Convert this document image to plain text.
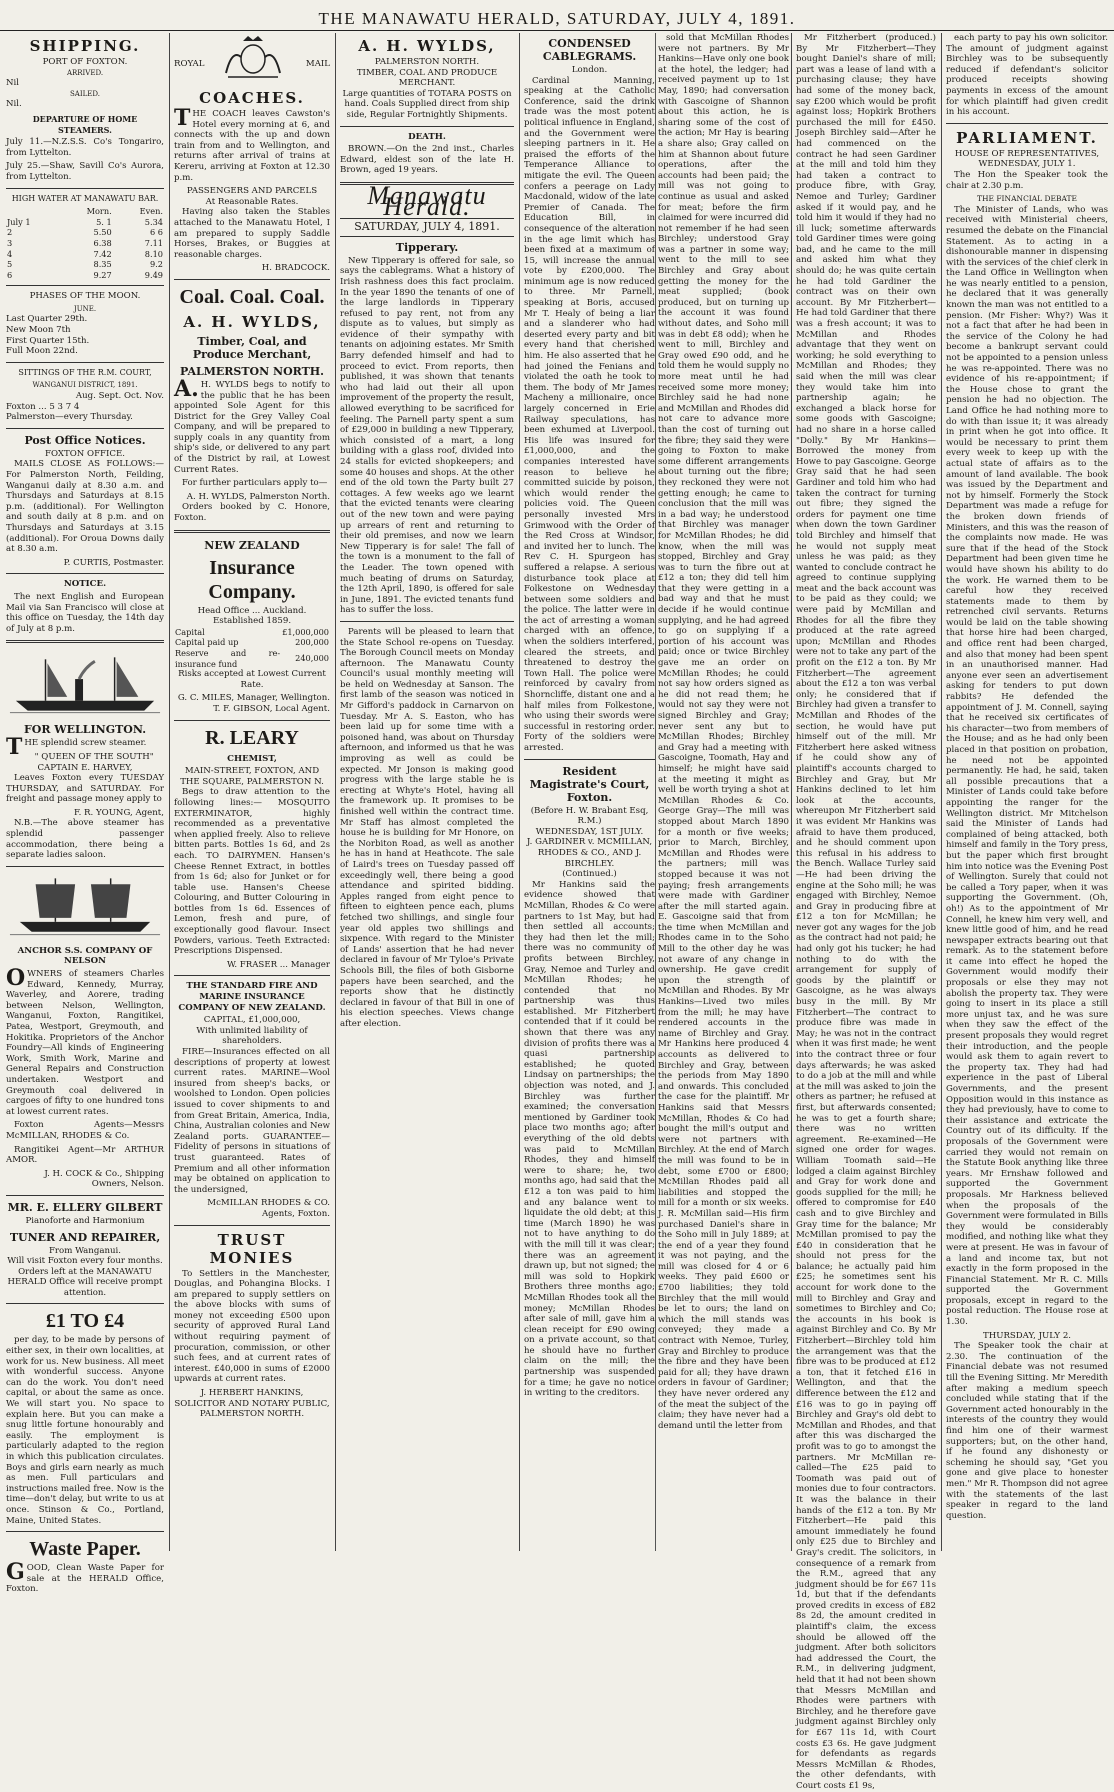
THE MANAWATU HERALD, SATURDAY, JULY 4, 1891.
SHIPPING.
PORT OF FOXTON.
ARRIVED.
Nil
SAILED.
Nil.
DEPARTURE OF HOME STEAMERS.

July 11.—N.Z.S.S. Co's Tongariro, from Lyttelton.

July 25.—Shaw, Savill Co's Aurora, from Lyttelton.

HIGH WATER AT MANAWATU BAR.
	Morn.	Even.
July 1	5. 1	5.34
2	5.50	6 6
3	6.38	7.11
4	7.42	8.10
5	8.35	9.2
6	9.27	9.49
PHASES OF THE MOON.
JUNE.
Last Quarter 29th.
New Moon 7th
First Quarter 15th.
Full Moon 22nd.
SITTINGS OF THE R.M. COURT,
WANGANUI DISTRICT, 1891.
Aug. Sept. Oct. Nov.
Foxton ... 5 3 7 4
Palmerston—every Thursday.
Post Office Notices.
FOXTON OFFICE.

MAILS CLOSE AS FOLLOWS:— For Palmerston North, Feilding, Wanganui daily at 8.30 a.m. and Thursdays and Saturdays at 8.15 p.m. (additional). For Wellington and south daily at 8 p.m. and on Thursdays and Saturdays at 3.15 (additional). For Oroua Downs daily at 8.30 a.m.

P. CURTIS, Postmaster.
NOTICE.

The next English and European Mail via San Francisco will close at this office on Tuesday, the 14th day of July at 8 p.m.

FOR WELLINGTON.

THE splendid screw steamer.

" QUEEN OF THE SOUTH"
CAPTAIN E. HARVEY,

Leaves Foxton every TUESDAY THURSDAY, and SATURDAY. For freight and passage money apply to

F. R. YOUNG, Agent,

N.B.—The above steamer has splendid passenger accommodation, there being a separate ladies saloon.

ANCHOR S.S. COMPANY OF NELSON

OWNERS of steamers Charles Edward, Kennedy, Murray, Waverley, and Aorere, trading between Nelson, Wellington, Wanganui, Foxton, Rangitikei, Patea, Westport, Greymouth, and Hokitika. Proprietors of the Anchor Foundry—All kinds of Engineering Work, Smith Work, Marine and General Repairs and Construction undertaken. Westport and Greymouth coal delivered in cargoes of fifty to one hundred tons at lowest current rates.

Foxton Agents—Messrs McMILLAN, RHODES & Co.

Rangitikei Agent—Mr ARTHUR AMOR.

J. H. COCK & Co., Shipping Owners, Nelson.
MR. E. ELLERY GILBERT
Pianoforte and Harmonium
TUNER AND REPAIRER,
From Wanganui.
Will visit Foxton every four months.

Orders left at the MANAWATU HERALD Office will receive prompt attention.

£1 TO £4

per day, to be made by persons of either sex, in their own localities, at work for us. New business. All meet with wonderful success. Anyone can do the work. You don't need capital, or about the same as once. We will start you. No space to explain here. But you can make a snug little fortune honourably and easily. The employment is particularly adapted to the region in which this publication circulates. Boys and girls earn nearly as much as men. Full particulars and instructions mailed free. Now is the time—don't delay, but write to us at once. Stinson & Co., Portland, Maine, United States.

Waste Paper.

GOOD, Clean Waste Paper for sale at the HERALD Office, Foxton.

ROYAL	MAIL
COACHES.

THE COACH leaves Cawston's Hotel every morning at 6, and connects with the up and down train from and to Wellington, and returns after arrival of trains at Kereru, arriving at Foxton at 12.30 p.m.

PASSENGERS AND PARCELS
At Reasonable Rates.

Having also taken the Stables attached to the Manawatu Hotel, I am prepared to supply Saddle Horses, Brakes, or Buggies at reasonable charges.

H. BRADCOCK.
Coal. Coal. Coal.
A. H. WYLDS,
Timber, Coal, and Produce Merchant,
PALMERSTON NORTH.

A.H. WYLDS begs to notify to the public that he has been appointed Sole Agent for this District for the Grey Valley Coal Company, and will be prepared to supply coals in any quantity from ship's side, or delivered to any part of the District by rail, at Lowest Current Rates.

For further particulars apply to—

A. H. WYLDS, Palmerston North.

Orders booked by C. Honore, Foxton.

NEW ZEALAND
Insurance Company.
Head Office ... Auckland.
Established 1859.
Capital	£1,000,000
Capital paid up	200,000
Reserve and re-insurance fund	240,000

Risks accepted at Lowest Current Rate.

G. C. MILES, Manager, Wellington.
T. F. GIBSON, Local Agent.
R. LEARY
CHEMIST,
MAIN-STREET, FOXTON, AND THE SQUARE, PALMERSTON N.

Begs to draw attention to the following lines:— MOSQUITO EXTERMINATOR, highly recommended as a preventative when applied freely. Also to relieve bitten parts. Bottles 1s 6d, and 2s each. TO DAIRYMEN. Hansen's Cheese Rennet Extract, in bottles from 1s 6d; also for Junket or for table use. Hansen's Cheese Colouring, and Butter Colouring in bottles from 1s 6d. Essences of Lemon, fresh and pure, of exceptionally good flavour. Insect Powders, various. Teeth Extracted: Prescriptions Dispensed.

W. FRASER ... Manager
THE STANDARD FIRE AND MARINE INSURANCE COMPANY OF NEW ZEALAND.
CAPITAL, £1,000,000,
With unlimited liability of shareholders.

FIRE—Insurances effected on all descriptions of property at lowest current rates. MARINE—Wool insured from sheep's backs, or woolshed to London. Open policies issued to cover shipments to and from Great Britain, America, India, China, Australian colonies and New Zealand ports. GUARANTEE—Fidelity of persons in situations of trust guaranteed. Rates of Premium and all other information may be obtained on application to the undersigned,

McMILLAN RHODES & CO. Agents, Foxton.
TRUST MONIES

To Settlers in the Manchester, Douglas, and Pohangina Blocks. I am prepared to supply settlers on the above blocks with sums of money not exceeding £500 upon security of approved Rural Land without requiring payment of procuration, commission, or other such fees, and at current rates of interest. £40,000 in sums of £2000 upwards at current rates.

J. HERBERT HANKINS, SOLICITOR AND NOTARY PUBLIC, PALMERSTON NORTH.
A. H. WYLDS,
PALMERSTON NORTH.
TIMBER, COAL AND PRODUCE MERCHANT.

Large quantities of TOTARA POSTS on hand. Coals Supplied direct from ship side, Regular Fortnightly Shipments.

DEATH.

BROWN.—On the 2nd inst., Charles Edward, eldest son of the late H. Brown, aged 19 years.

Manawatu Herald.
SATURDAY, JULY 4, 1891.
Tipperary.

New Tipperary is offered for sale, so says the cablegrams. What a history of Irish rashness does this fact proclaim. In the year 1890 the tenants of one of the large landlords in Tipperary refused to pay rent, not from any dispute as to values, but simply as evidence of their sympathy with tenants on adjoining estates. Mr Smith Barry defended himself and had to proceed to evict. From reports, then published, it was shown that tenants who had laid out their all upon improvement of the property the result, allowed everything to be sacrificed for feeling. The Parnell party spent a sum of £29,000 in building a new Tipperary, which consisted of a mart, a long building with a glass roof, divided into 24 stalls for evicted shopkeepers; and some 40 houses and shops. At the other end of the old town the Party built 27 cottages. A few weeks ago we learnt that the evicted tenants were clearing out of the new town and were paying up arrears of rent and returning to their old premises, and now we learn New Tipperary is for sale! The fall of the town is a monument to the fall of the Leader. The town opened with much beating of drums on Saturday, the 12th April, 1890, is offered for sale in June, 1891. The evicted tenants fund has to suffer the loss.

Parents will be pleased to learn that the State School re-opens on Tuesday. The Borough Council meets on Monday afternoon. The Manawatu County Council's usual monthly meeting will be held on Wednesday at Sanson. The first lamb of the season was noticed in Mr Gifford's paddock in Carnarvon on Tuesday. Mr A. S. Easton, who has been laid up for some time with a poisoned hand, was about on Thursday afternoon, and informed us that he was improving as well as could be expected. Mr Jonson is making good progress with the large stable he is erecting at Whyte's Hotel, having all the framework up. It promises to be finished well within the contract time. Mr Staff has almost completed the house he is building for Mr Honore, on the Norbiton Road, as well as another he has in hand at Heathcote. The sale of Laird's trees on Tuesday passed off exceedingly well, there being a good attendance and spirited bidding. Apples ranged from eight pence to fifteen to eighteen pence each, plums fetched two shillings, and single four year old apples two shillings and sixpence. With regard to the Minister of Lands' assertion that he had never declared in favour of Mr Tyloe's Private Schools Bill, the files of both Gisborne papers have been searched, and the reports show that he distinctly declared in favour of that Bill in one of his election speeches. Views change after election.

CONDENSED CABLEGRAMS.
London.

Cardinal Manning, speaking at the Catholic Conference, said the drink trade was the most potent political influence in England, and the Government were sleeping partners in it. He praised the efforts of the Temperance Alliance to mitigate the evil. The Queen confers a peerage on Lady Macdonald, widow of the late Premier of Canada. The Education Bill, in consequence of the alteration in the age limit which has been fixed at a maximum of 15, will increase the annual vote by £200,000. The minimum age is now reduced to three. Mr Parnell, speaking at Boris, accused Mr T. Healy of being a liar and a slanderer who had deserted every party and bit every hand that cherished him. He also asserted that he had joined the Fenians and violated the oath he took to them. The body of Mr James Macheny a millionaire, once largely concerned in Erie Railway speculations, has been exhumed at Liverpool. His life was insured for £1,000,000, and the companies interested have reason to believe he committed suicide by poison, which would render the policies void. The Queen personally invested Mrs Grimwood with the Order of the Red Cross at Windsor, and invited her to lunch. The Rev C. H. Spurgeon has suffered a relapse. A serious disturbance took place at Folkestone on Wednesday between some soldiers and the police. The latter were in the act of arresting a woman charged with an offence, when the soldiers interfered, cleared the streets, and threatened to destroy the Town Hall. The police were reinforced by cavalry from Shorncliffe, distant one and a half miles from Folkestone, who using their swords were successful in restoring order. Forty of the soldiers were arrested.

Resident Magistrate's Court, Foxton.
(Before H. W. Brabant Esq, R.M.)
WEDNESDAY, 1ST JULY.
J. GARDINER v. MCMILLAN, RHODES & CO., AND J. BIRCHLEY.
(Continued.)

Mr Hankins said the evidence showed that McMillan, Rhodes & Co were partners to 1st May, but had then settled all accounts; they had then let the mill; there was no community of profits between Birchley, Gray, Nemoe and Turley and McMillan Rhodes; he contended that no partnership was thus established. Mr Fitzherbert contended that if it could be shown that there was any division of profits there was a quasi partnership established; he quoted Lindsay on partnerships; the objection was noted, and J. Birchley was further examined; the conversation mentioned by Gardiner took place two months ago; after everything of the old debts was paid to McMillan Rhodes, they and himself were to share; he, two months ago, had said that the £12 a ton was paid to him and any balance went to liquidate the old debt; at this time (March 1890) he was not to have anything to do with the mill till it was clear; there was an agreement drawn up, but not signed; the mill was sold to Hopkirk Brothers three months ago; McMillan Rhodes took all the money; McMillan Rhodes after sale of mill, gave him a clean receipt for £90 owing on a private account, so that he should have no further claim on the mill; the partnership was suspended for a time; he gave no notice in writing to the creditors.

sold that McMillan Rhodes were not partners. By Mr Hankins—Have only one book at the hotel, the ledger; had received payment up to 1st May, 1890; had conversation with Gascoigne of Shannon about this action, he is sharing some of the cost of the action; Mr Hay is bearing a share also; Gray called on him at Shannon about future operations, after the accounts had been paid; the mill was not going to continue as usual and asked for meat; before the firm claimed for were incurred did not remember if he had seen Birchley; understood Gray was a partner in some way; went to the mill to see Birchley and Gray about getting the money for the meat supplied; (book produced, but on turning up the account it was found without dates, and Soho mill was in debt £8 odd); when he went to mill, Birchley and Gray owed £90 odd, and he told them he would supply no more meat until he had received some more money; Birchley said he had none and McMillan and Rhodes did not care to advance more than the cost of turning out the fibre; they said they were going to Foxton to make some different arrangements about turning out the fibre; they reckoned they were not getting enough; he came to conclusion that the mill was in a bad way; he understood that Birchley was manager for McMillan Rhodes; he did know, when the mill was stopped, Birchley and Gray was to turn the fibre out at £12 a ton; they did tell him that they were getting in a bad way and that he must decide if he would continue supplying, and he had agreed to go on supplying if a portion of his account was paid; once or twice Birchley gave me an order on McMillan Rhodes; he could not say how orders signed as he did not read them; he would not say they were not signed Birchley and Gray; never sent any but to McMillan Rhodes; Birchley and Gray had a meeting with Gascoigne, Toomath, Hay and himself; he might have said at the meeting it might as well be worth trying a shot at McMillan Rhodes & Co. George Gray—The mill was stopped about March 1890 for a month or five weeks; prior to March, Birchley, McMillan and Rhodes were the partners; mill was stopped because it was not paying; fresh arrangements were made with Gardiner after the mill started again. E. Gascoigne said that from the time when McMillan and Rhodes came in to the Soho Mill to the other day he was not aware of any change in ownership. He gave credit upon the strength of McMillan and Rhodes. By Mr Hankins—Lived two miles from the mill; he may have rendered accounts in the name of Birchley and Gray. Mr Hankins here produced 4 accounts as delivered to Birchley and Gray, between the periods from May 1890 and onwards. This concluded the case for the plaintiff. Mr Hankins said that Messrs McMillan, Rhodes & Co had bought the mill's output and were not partners with Birchley. At the end of March the mill was found to be in debt, some £700 or £800; McMillan Rhodes paid all liabilities and stopped the mill for a month or six weeks. J. R. McMillan said—His firm purchased Daniel's share in the Soho mill in July 1889; at the end of a year they found it was not paying, and the mill was closed for 4 or 6 weeks. They paid £600 or £700 liabilities; they told Birchley that the mill would be let to ours; the land on which the mill stands was conveyed; they made a contract with Nemoe, Turley, Gray and Birchley to produce the fibre and they have been paid for all; they have drawn orders in favour of Gardiner; they have never ordered any of the meat the subject of the claim; they have never had a demand until the letter from

Mr Fitzherbert (produced.) By Mr Fitzherbert—They bought Daniel's share of mill; part was a lease of land with a purchasing clause; they have had some of the money back, say £200 which would be profit against loss; Hopkirk Brothers purchased the mill for £450. Joseph Birchley said—After he had commenced on the contract he had seen Gardiner at the mill and told him they had taken a contract to produce fibre, with Gray, Nemoe and Turley; Gardiner asked if it would pay, and he told him it would if they had no ill luck; sometime afterwards told Gardiner times were going bad, and he came to the mill and asked him what they should do; he was quite certain he had told Gardiner the contract was on their own account. By Mr Fitzherbert—He had told Gardiner that there was a fresh account; it was to McMillan and Rhodes advantage that they went on working; he sold everything to McMillan and Rhodes; they said when the mill was clear they would take him into partnership again; he exchanged a black horse for some goods with Gascoigne; had no share in a horse called "Dolly." By Mr Hankins—Borrowed the money from Howe to pay Gascoigne. George Gray said that he had seen Gardiner and told him who had taken the contract for turning out fibre; they signed the orders for payment one time when down the town Gardiner told Birchley and himself that he would not supply meat unless he was paid; as they wanted to conclude contract he agreed to continue supplying meat and the back account was to be paid as they could; we were paid by McMillan and Rhodes for all the fibre they produced at the rate agreed upon; McMillan and Rhodes were not to take any part of the profit on the £12 a ton. By Mr Fitzherbert—The agreement about the £12 a ton was verbal only; he considered that if Birchley had given a transfer to McMillan and Rhodes of the section, he would have put himself out of the mill. Mr Fitzherbert here asked witness if he could show any of plaintiff's accounts charged to Birchley and Gray, but Mr Hankins declined to let him look at the accounts, whereupon Mr Fitzherbert said it was evident Mr Hankins was afraid to have them produced, and he should comment upon this refusal in his address to the Bench. Wallace Turley said—He had been driving the engine at the Soho mill; he was engaged with Birchley, Nemoe and Gray in producing fibre at £12 a ton for McMillan; he never got any wages for the job as the contract had not paid; he had only got his tucker; he had nothing to do with the arrangement for supply of goods by the plaintiff or Gascoigne, as he was always busy in the mill. By Mr Fitzherbert—The contract to produce fibre was made in May; he was not in the contract when it was first made; he went into the contract three or four days afterwards; he was asked to do a job at the mill and while at the mill was asked to join the others as partner; he refused at first, but afterwards consented; he was to get a fourth share; there was no written agreement. Re-examined—He signed one order for wages. William Toomath said—He lodged a claim against Birchley and Gray for work done and goods supplied for the mill; he offered to compromise for £40 cash and to give Birchley and Gray time for the balance; Mr McMillan promised to pay the £40 in consideration that he should not press for the balance; he actually paid him £25; he sometimes sent his account for work done to the mill to Birchley and Gray and sometimes to Birchley and Co; the accounts in his book is against Birchley and Co. By Mr Fitzherbert—Birchley told him the arrangement was that the fibre was to be produced at £12 a ton, that it fetched £16 in Wellington, and that the difference between the £12 and £16 was to go in paying off Birchley and Gray's old debt to McMillan and Rhodes, and that after this was discharged the profit was to go to amongst the partners. Mr McMillan re-called—The £25 paid to Toomath was paid out of monies due to four contractors. It was the balance in their hands of the £12 a ton. By Mr Fitzherbert—He paid this amount immediately he found only £25 due to Birchley and Gray's credit. The solicitors, in consequence of a remark from the R.M., agreed that any judgment should be for £67 11s 1d, but that if the defendants proved credits in excess of £82 8s 2d, the amount credited in plaintiff's claim, the excess should be allowed off the judgment. After both solicitors had addressed the Court, the R.M., in delivering judgment, held that it had not been shown that Messrs McMillan and Rhodes were partners with Birchley, and he therefore gave judgment against Birchley only for £67 11s 1d, with Court costs £3 6s. He gave judgment for defendants as regards Messrs McMillan & Rhodes, the other defendants, with Court costs £1 9s,

each party to pay his own solicitor. The amount of judgment against Birchley was to be subsequently reduced if defendant's solicitor produced receipts showing payments in excess of the amount for which plaintiff had given credit in his account.

PARLIAMENT.
HOUSE OF REPRESENTATIVES,
WEDNESDAY, JULY 1.

The Hon the Speaker took the chair at 2.30 p.m.

THE FINANCIAL DEBATE

The Minister of Lands, who was received with Ministerial cheers, resumed the debate on the Financial Statement. As to acting in a dishonourable manner in dispensing with the services of the chief clerk in the Land Office in Wellington when he was nearly entitled to a pension, he declared that it was generally known the man was not entitled to a pension. (Mr Fisher: Why?) Was it not a fact that after he had been in the service of the Colony he had become a bankrupt servant could not be appointed to a pension unless he was re-appointed. There was no evidence of his re-appointment; if the House chose to grant the pension he had no objection. The Land Office he had nothing more to do with than issue it; it was already in print when he got into office. It would be necessary to print them every week to keep up with the actual state of affairs as to the amount of land available. The book was issued by the Department and not by himself. Formerly the Stock Department was made a refuge for the broken down friends of Ministers, and this was the reason of the complaints now made. He was sure that if the head of the Stock Department had been given time he would have shown his ability to do the work. He warned them to be careful how they received statements made to them by retrenched civil servants. Returns would be laid on the table showing that horse hire had been charged, and office rent had been charged, and also that money had been spent in an unauthorised manner. Had anyone ever seen an advertisement asking for tenders to put down rabbits? He defended the appointment of J. M. Connell, saying that he received six certificates of his character—two from members of the House; and as he had only been placed in that position on probation, he need not be appointed permanently. He had, he said, taken all possible precautions that a Minister of Lands could take before appointing the ranger for the Wellington district. Mr Mitchelson said the Minister of Lands had complained of being attacked, both himself and family in the Tory press, but the paper which first brought him into notice was the Evening Post of Wellington. Surely that could not be called a Tory paper, when it was supporting the Government. (Oh, oh!) As to the appointment of Mr Connell, he knew him very well, and knew little good of him, and he read newspaper extracts bearing out that remark. As to the statement before it came into effect he hoped the Government would modify their proposals or else they may not abolish the property tax. They were going to insert in its place a still more unjust tax, and he was sure when they saw the effect of the present proposals they would regret their introduction, and the people would ask them to again revert to the property tax. They had had experience in the past of Liberal Governments, and the present Opposition would in this instance as they had previously, have to come to their assistance and extricate the Country out of its difficulty. If the proposals of the Government were carried they would not remain on the Statute Book anything like three years. Mr Ernshaw followed and supported the Government proposals. Mr Harkness believed when the proposals of the Government were formulated in Bills they would be considerably modified, and nothing like what they were at present. He was in favour of a land and income tax, but not exactly in the form proposed in the Financial Statement. Mr R. C. Mills supported the Government proposals, except in regard to the postal reduction. The House rose at 1.30.

THURSDAY, JULY 2.

The Speaker took the chair at 2.30. The continuation of the Financial debate was not resumed till the Evening Sitting. Mr Meredith after making a medium speech concluded while stating that if the Government acted honourably in the interests of the country they would find him one of their warmest supporters; but, on the other hand, if he found any dishonesty or scheming he should say, "Get you gone and give place to honester men." Mr R. Thompson did not agree with the statements of the last speaker in regard to the land question.
